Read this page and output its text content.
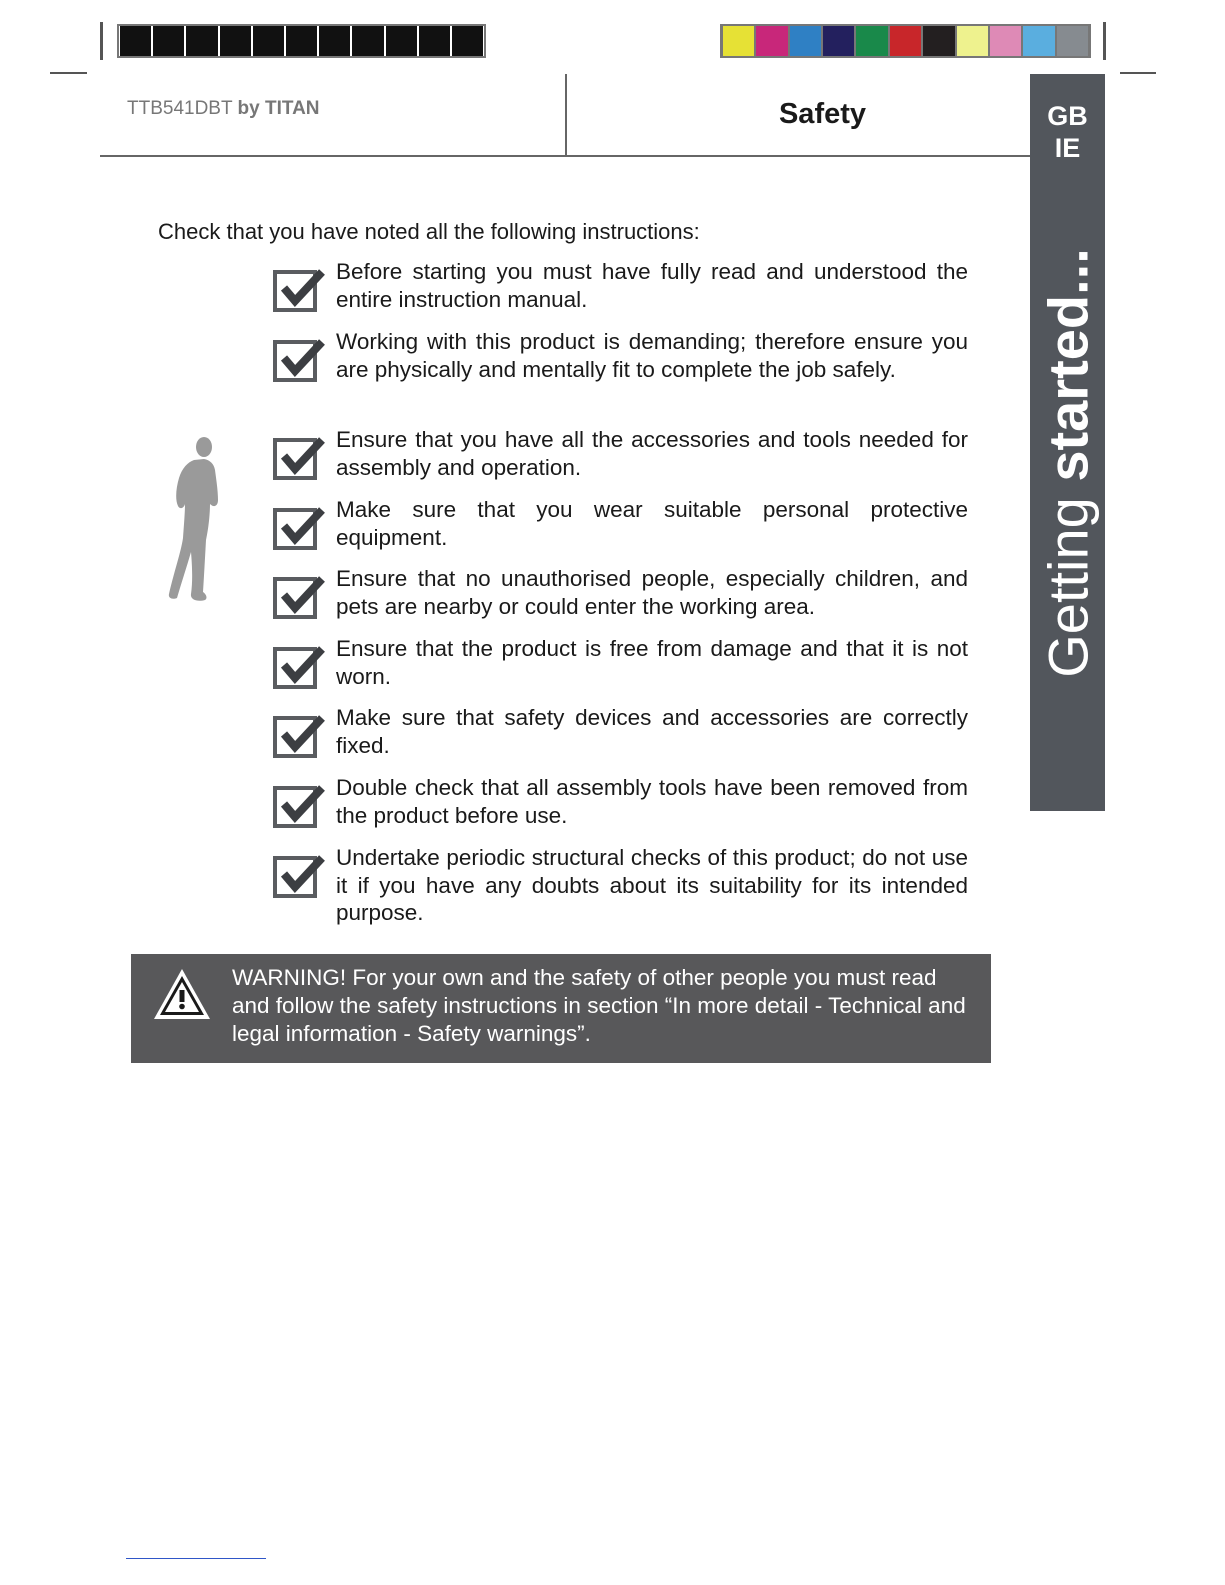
TTB541DBT by TITAN	Safety	GB
IE
Getting started...
Check that you have noted all the following instructions:
Before starting you must have fully read and understood the entire instruction manual.
Working with this product is demanding; therefore ensure you are physically and mentally fit to complete the job safely.
Ensure that you have all the accessories and tools needed for assembly and operation.
Make sure that you wear suitable personal protective equipment.
Ensure that no unauthorised people, especially children, and pets are nearby or could enter the working area.
Ensure that the product is free from damage and that it is not worn.
Make sure that safety devices and accessories are correctly fixed.
Double check that all assembly tools have been removed from the product before use.
Undertake periodic structural checks of this product; do not use it if you have any doubts about its suitability for its intended purpose.
WARNING! For your own and the safety of other people you must read and follow the safety instructions in section “In more detail - Technical and legal information - Safety warnings”.
